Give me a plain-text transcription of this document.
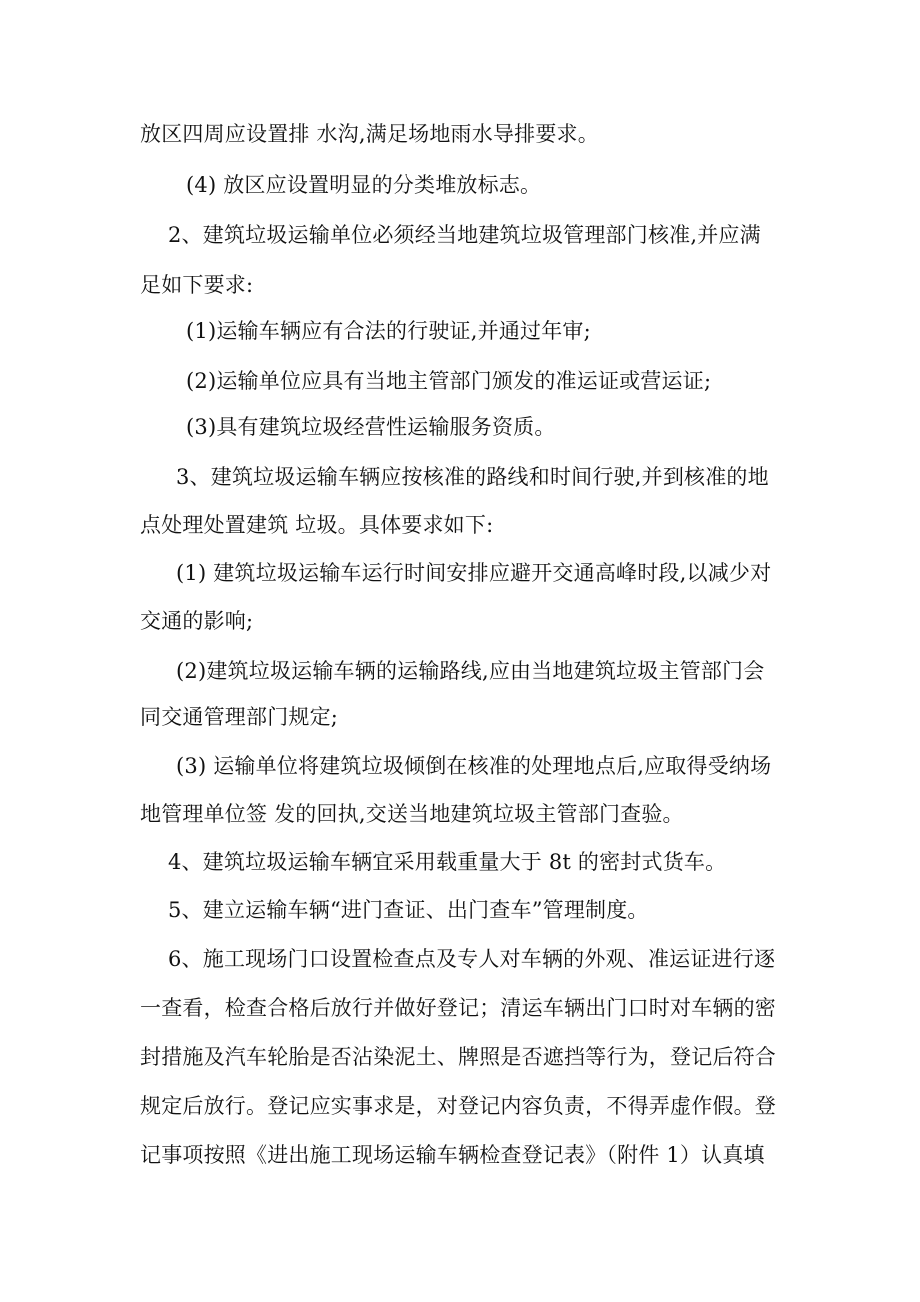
放区四周应设置排 水沟,满足场地雨水导排要求。

(4) 放区应设置明显的分类堆放标志。

2、建筑垃圾运输单位必须经当地建筑垃圾管理部门核准,并应满

足如下要求:

(1)运输车辆应有合法的行驶证,并通过年审;

(2)运输单位应具有当地主管部门颁发的准运证或营运证;

(3)具有建筑垃圾经营性运输服务资质。

3、建筑垃圾运输车辆应按核准的路线和时间行驶,并到核准的地

点处理处置建筑 垃圾。具体要求如下:

(1) 建筑垃圾运输车运行时间安排应避开交通高峰时段,以减少对

交通的影响;

(2)建筑垃圾运输车辆的运输路线,应由当地建筑垃圾主管部门会

同交通管理部门规定;

(3) 运输单位将建筑垃圾倾倒在核准的处理地点后,应取得受纳场

地管理单位签 发的回执,交送当地建筑垃圾主管部门查验。

4、建筑垃圾运输车辆宜采用载重量大于 8t 的密封式货车。

5、建立运输车辆“进门查证、出门查车”管理制度。

6、施工现场门口设置检查点及专人对车辆的外观、准运证进行逐

一查看，检查合格后放行并做好登记；清运车辆出门口时对车辆的密

封措施及汽车轮胎是否沾染泥土、牌照是否遮挡等行为，登记后符合

规定后放行。登记应实事求是，对登记内容负责，不得弄虚作假。登

记事项按照《进出施工现场运输车辆检查登记表》（附件 1）认真填
